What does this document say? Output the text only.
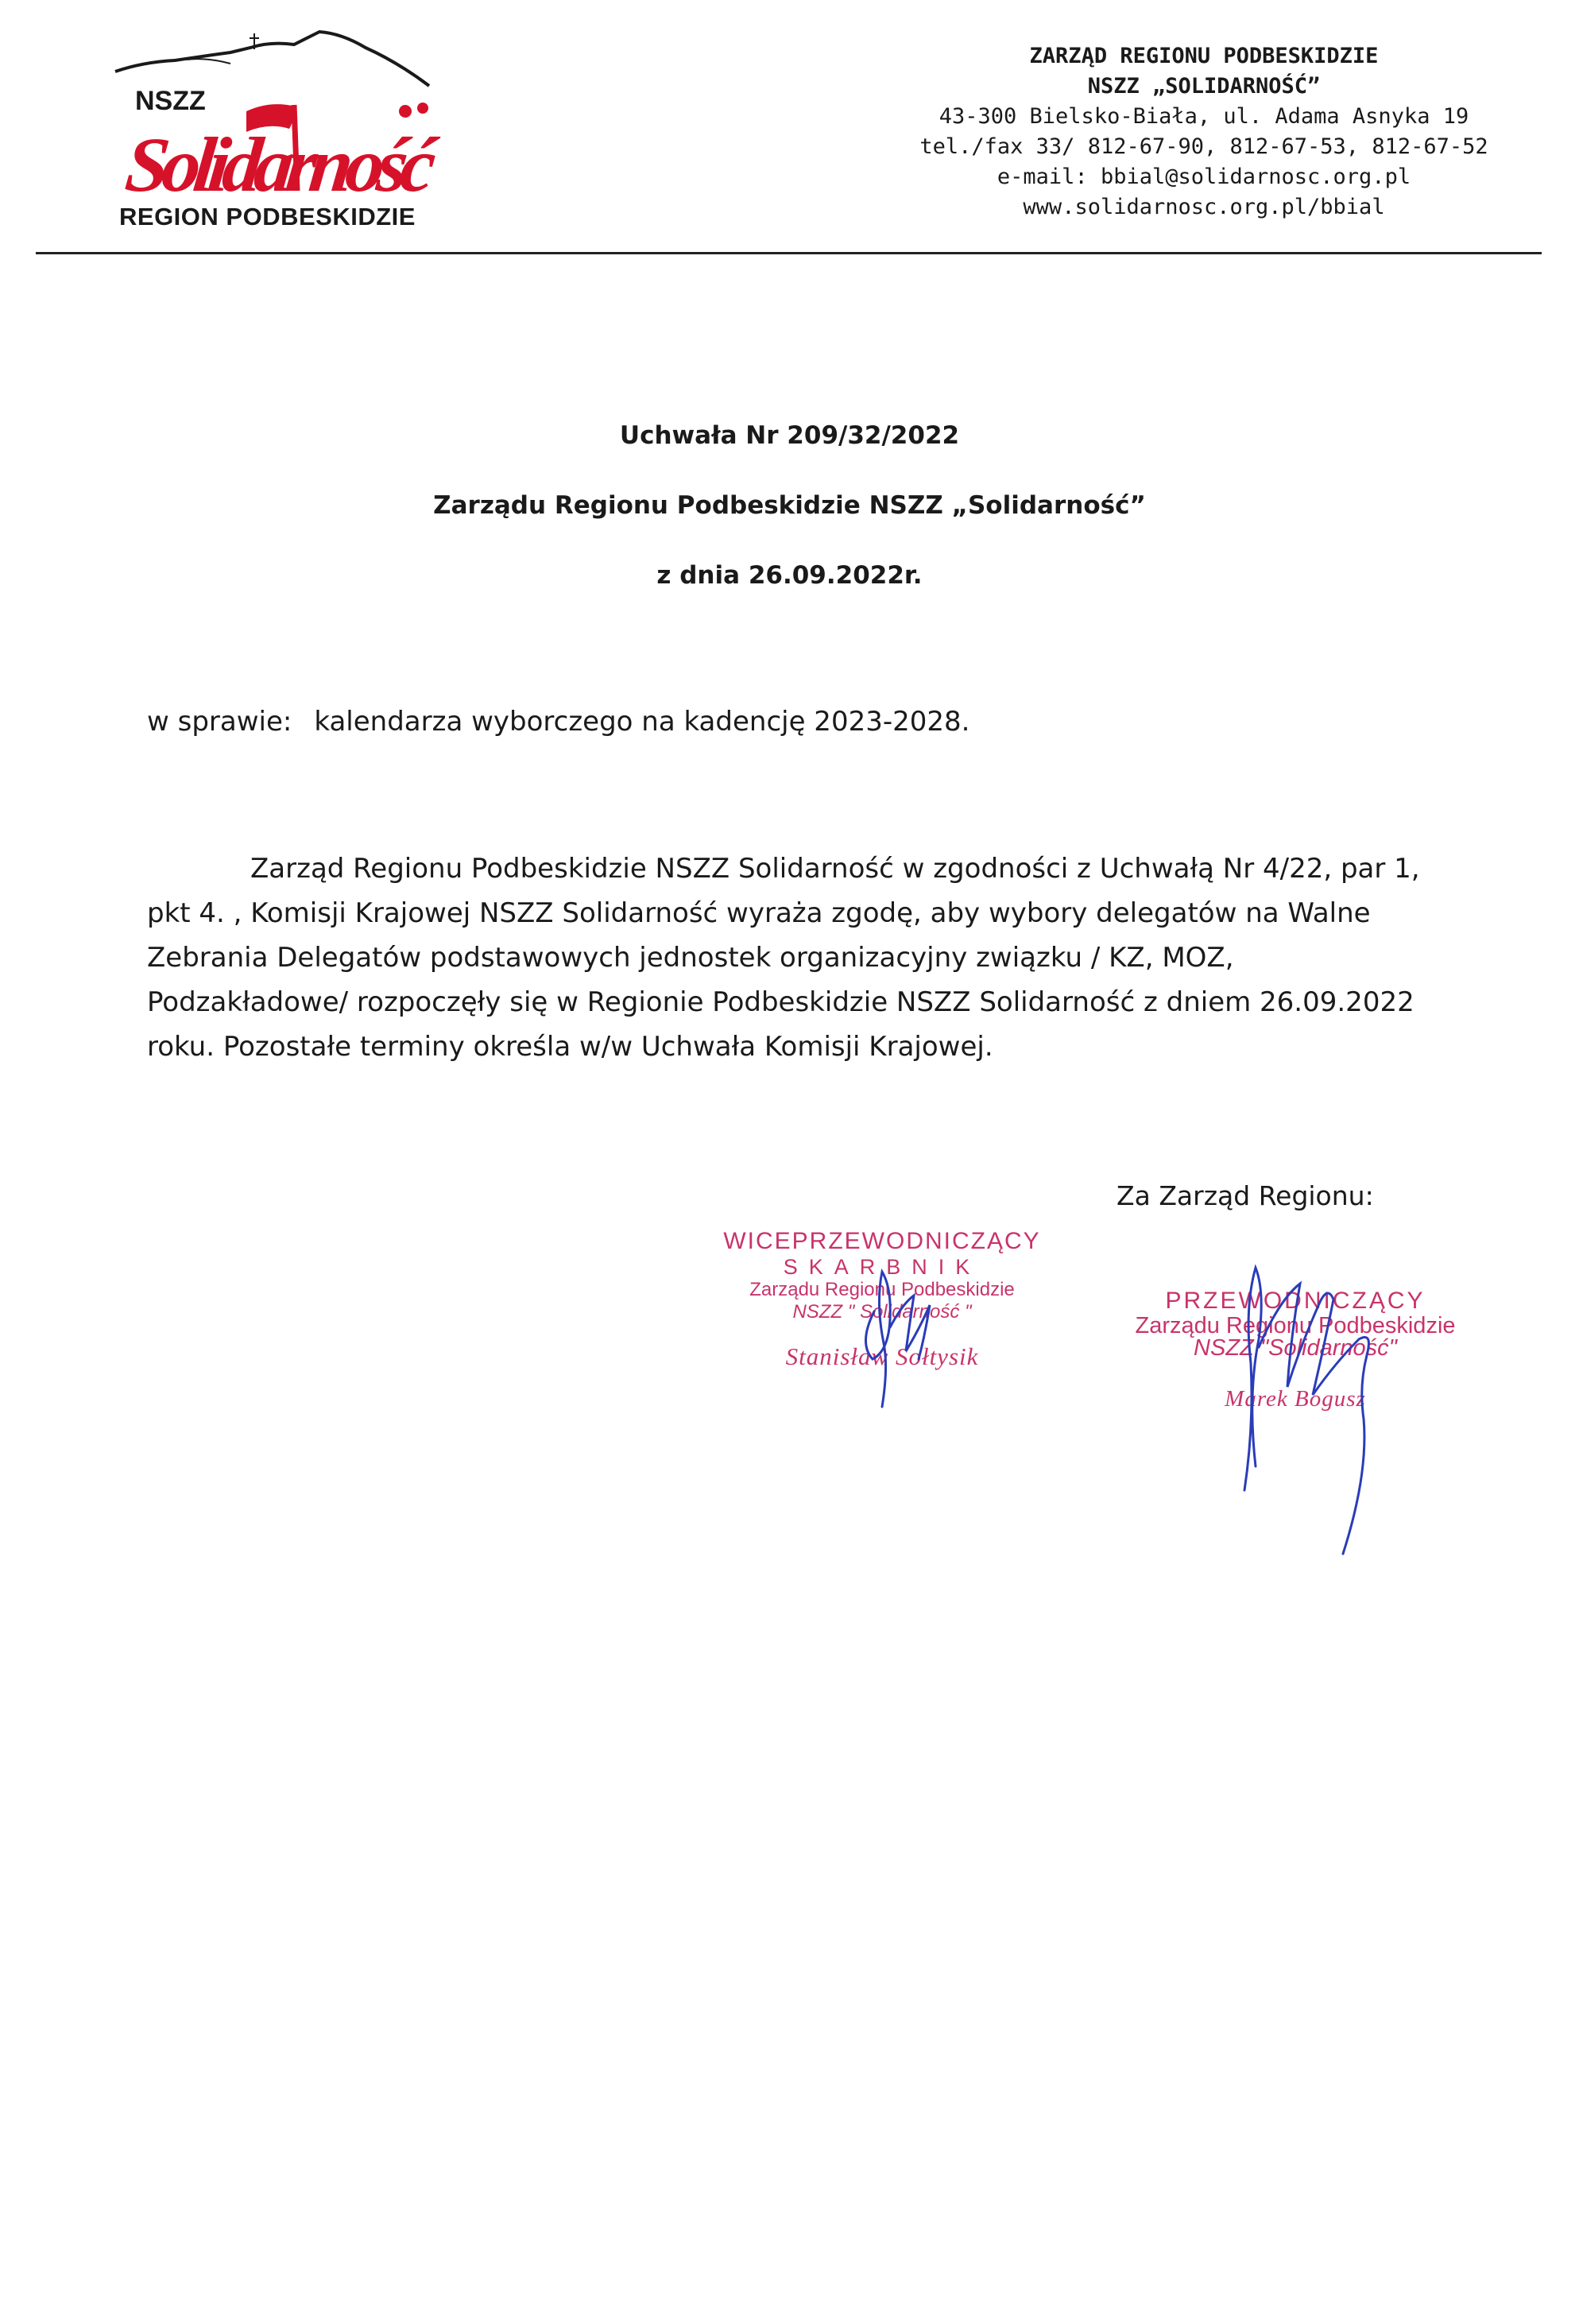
NSZZ
Solidarność
REGION PODBESKIDZIE
ZARZĄD REGIONU PODBESKIDZIE
NSZZ „SOLIDARNOŚĆ”
43-300 Bielsko-Biała, ul. Adama Asnyka 19
tel./fax 33/ 812-67-90, 812-67-53, 812-67-52
e-mail: bbial@solidarnosc.org.pl
www.solidarnosc.org.pl/bbial
Uchwała Nr 209/32/2022
Zarządu Regionu Podbeskidzie NSZZ „Solidarność”
z dnia 26.09.2022r.
w sprawie: kalendarza wyborczego na kadencję 2023-2028.
Zarząd Regionu Podbeskidzie NSZZ Solidarność w zgodności z Uchwałą Nr 4/22, par 1, pkt 4. , Komisji Krajowej NSZZ Solidarność wyraża zgodę, aby wybory delegatów na Walne Zebrania Delegatów podstawowych jednostek organizacyjny związku / KZ, MOZ, Podzakładowe/ rozpoczęły się w Regionie Podbeskidzie NSZZ Solidarność z dniem 26.09.2022 roku. Pozostałe terminy określa w/w Uchwała Komisji Krajowej.
Za Zarząd Regionu:
WICEPRZEWODNICZĄCY
SKARBNIK
Zarządu Regionu Podbeskidzie
NSZZ " Solidarność "
Stanisław Sołtysik
PRZEWODNICZĄCY
Zarządu Regionu Podbeskidzie
NSZZ "Solidarność"
Marek Bogusz
